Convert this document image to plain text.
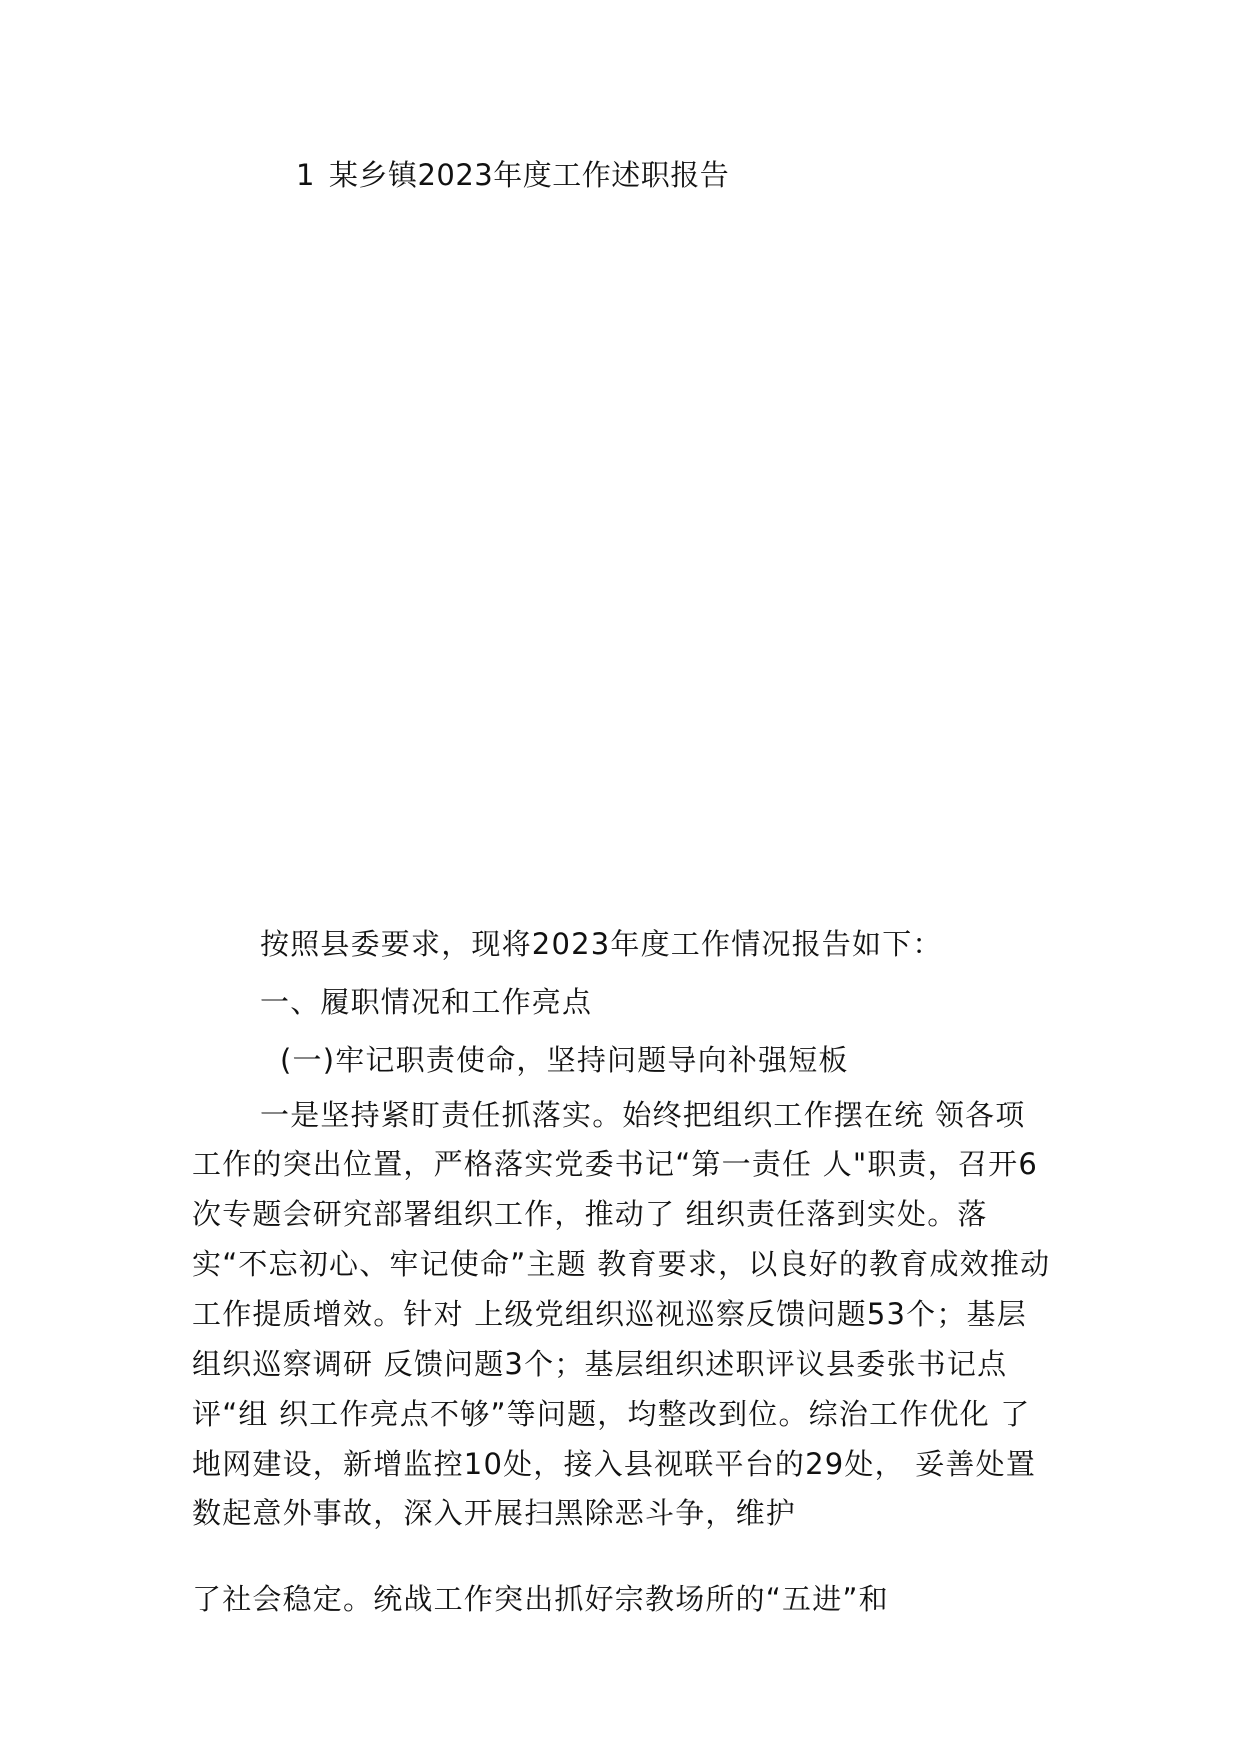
1 某乡镇2023年度工作述职报告
按照县委要求，现将2023年度工作情况报告如下：
一、履职情况和工作亮点
(一)牢记职责使命，坚持问题导向补强短板
一是坚持紧盯责任抓落实。始终把组织工作摆在统 领各项
工作的突出位置，严格落实党委书记“第一责任 人"职责，召开6
次专题会研究部署组织工作，推动了 组织责任落到实处。落
实“不忘初心、牢记使命”主题 教育要求，以良好的教育成效推动
工作提质增效。针对 上级党组织巡视巡察反馈问题53个；基层
组织巡察调研 反馈问题3个；基层组织述职评议县委张书记点
评“组 织工作亮点不够”等问题，均整改到位。综治工作优化 了
地网建设，新增监控10处，接入县视联平台的29处， 妥善处置
数起意外事故，深入开展扫黑除恶斗争，维护
了社会稳定。统战工作突出抓好宗教场所的“五进”和
